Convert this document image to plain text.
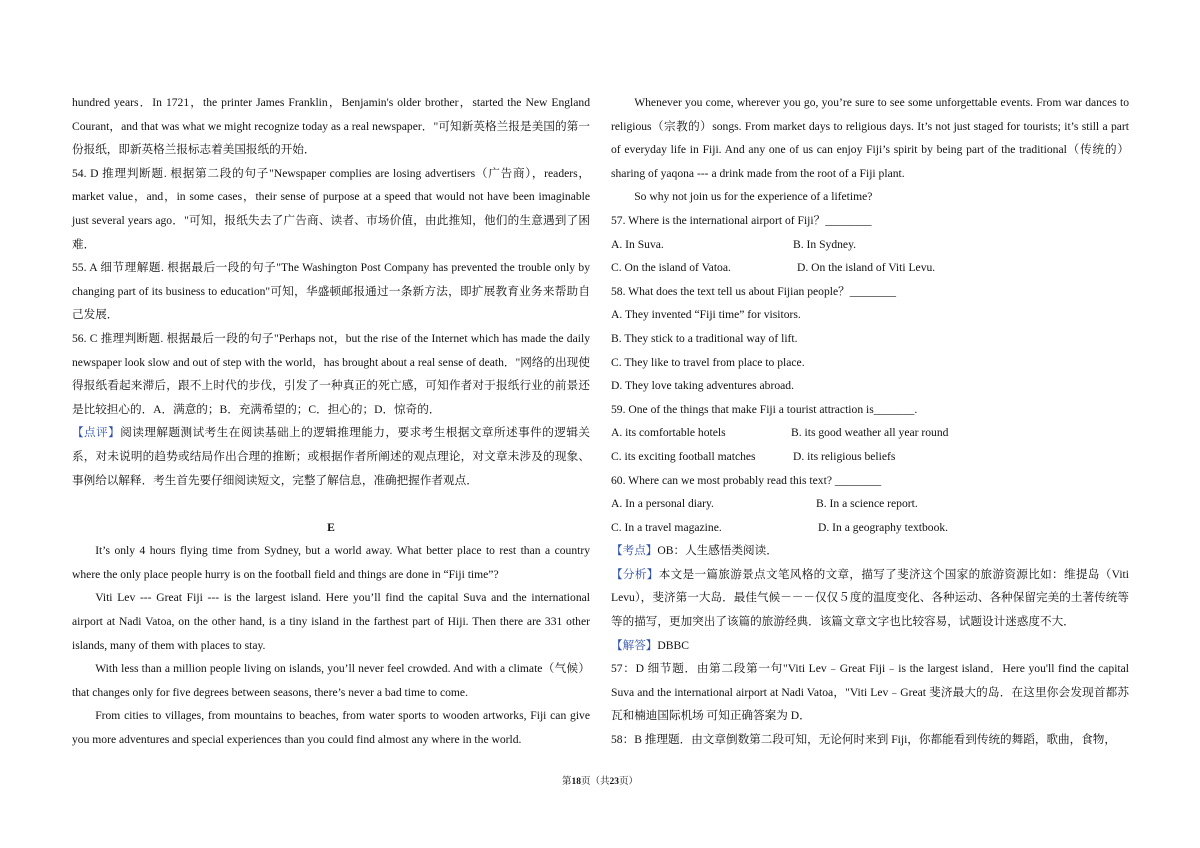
hundred years．In 1721，the printer James Franklin，Benjamin's older brother，started the New England Courant，and that was what we might recognize today as a real newspaper．"可知新英格兰报是美国的第一份报纸，即新英格兰报标志着美国报纸的开始．

54. D 推理判断题. 根据第二段的句子"Newspaper complies are losing advertisers（广告商），readers，market value，and，in some cases，their sense of purpose at a speed that would not have been imaginable just several years ago．"可知，报纸失去了广告商、读者、市场价值，由此推知，他们的生意遇到了困难．

55. A 细节理解题. 根据最后一段的句子"The Washington Post Company has prevented the trouble only by changing part of its business to education"可知，华盛顿邮报通过一条新方法，即扩展教育业务来帮助自己发展．

56. C 推理判断题. 根据最后一段的句子"Perhaps not，but the rise of the Internet which has made the daily newspaper look slow and out of step with the world，has brought about a real sense of death．"网络的出现使得报纸看起来滞后，跟不上时代的步伐，引发了一种真正的死亡感，可知作者对于报纸行业的前景还是比较担心的．A．满意的；B．充满希望的；C．担心的；D．惊奇的．

【点评】阅读理解题测试考生在阅读基础上的逻辑推理能力，要求考生根据文章所述事件的逻辑关系，对未说明的趋势或结局作出合理的推断；或根据作者所阐述的观点理论，对文章未涉及的现象、事例给以解释．考生首先要仔细阅读短文，完整了解信息，准确把握作者观点．

E

It’s only 4 hours flying time from Sydney, but a world away. What better place to rest than a country where the only place people hurry is on the football field and things are done in “Fiji time”?

Viti Lev --- Great Fiji --- is the largest island. Here you’ll find the capital Suva and the international airport at Nadi Vatoa, on the other hand, is a tiny island in the farthest part of Hiji. Then there are 331 other islands, many of them with places to stay.

With less than a million people living on islands, you’ll never feel crowded. And with a climate（气候）that changes only for five degrees between seasons, there’s never a bad time to come.

From cities to villages, from mountains to beaches, from water sports to wooden artworks, Fiji can give you more adventures and special experiences than you could find almost any where in the world.

Whenever you come, wherever you go, you’re sure to see some unforgettable events. From war dances to religious（宗教的）songs. From market days to religious days. It’s not just staged for tourists; it’s still a part of everyday life in Fiji. And any one of us can enjoy Fiji’s spirit by being part of the traditional（传统的）sharing of yaqona --- a drink made from the root of a Fiji plant.

So why not join us for the experience of a lifetime?

57. Where is the international airport of Fiji？________

A. In Suva.	B. In Sydney.

C. On the island of Vatoa.	D. On the island of Viti Levu.

58. What does the text tell us about Fijian people？________

A. They invented “Fiji time” for visitors.

B. They stick to a traditional way of lift.

C. They like to travel from place to place.

D. They love taking adventures abroad.

59. One of the things that make Fiji a tourist attraction is_______.

A. its comfortable hotels	B. its good weather all year round

C. its exciting football matches	D. its religious beliefs

60. Where can we most probably read this text? ________

A. In a personal diary.	B. In a science report.

C. In a travel magazine.	D. In a geography textbook.

【考点】OB：人生感悟类阅读．

【分析】本文是一篇旅游景点文笔风格的文章，描写了斐济这个国家的旅游资源比如：维提岛（Viti Levu），斐济第一大岛．最佳气候－－－仅仅５度的温度变化、各种运动、各种保留完美的土著传统等等的描写，更加突出了该篇的旅游经典．该篇文章文字也比较容易，试题设计迷惑度不大．

【解答】DBBC

57：D 细节题．由第二段第一句"Viti Lev﹣Great Fiji﹣is the largest island．Here you'll find the capital Suva and the international airport at Nadi Vatoa，"Viti Lev﹣Great 斐济最大的岛．在这里你会发现首都苏瓦和楠迪国际机场 可知正确答案为 D．

58：B 推理题．由文章倒数第二段可知，无论何时来到 Fiji，你都能看到传统的舞蹈，歌曲，食物，

第18页（共23页）
